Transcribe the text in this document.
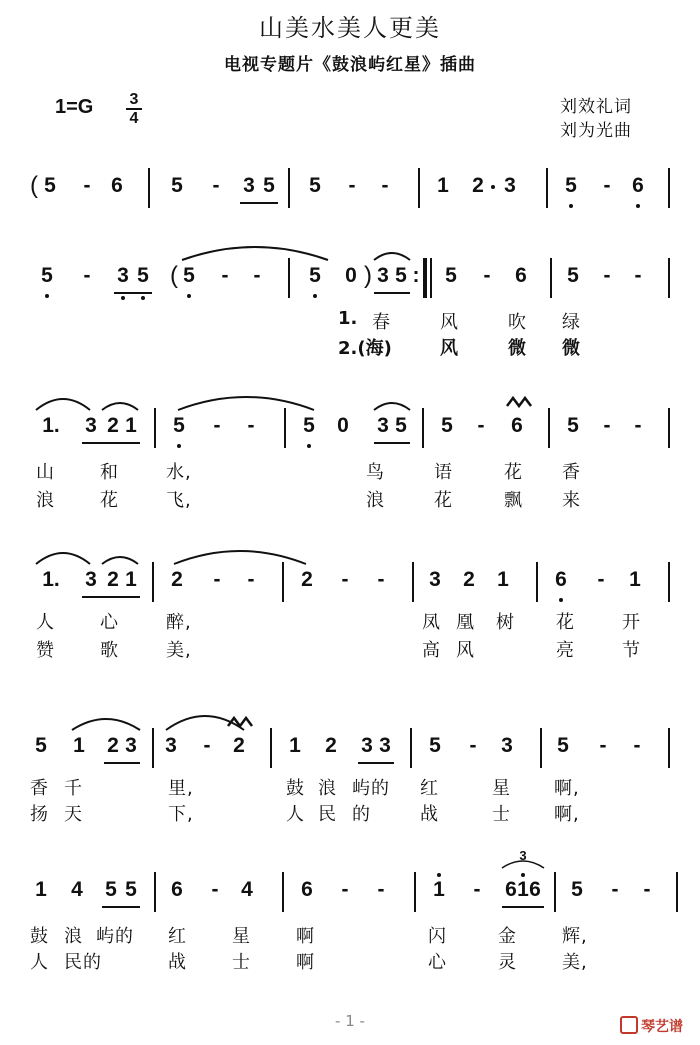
山美水美人更美
电视专题片《鼓浪屿红星》插曲
1=G 3
4
刘效礼词
刘为光曲
( 5	- 6 5	-	3 5 5	-	-	1 2 3 5	-	6
5	-	3 5 ( 5	-	-	5 0 ) 3 5 : 5	-	6 5	-	-
1. 春	风	吹 绿
2.(海)	风	微 微
1. 3 2 1 5	-	-	5 0 3 5 5	-	6 5	-	-
山	和	水,	鸟	语	花 香
浪	花	飞,	浪	花	飘 来
1. 3 2 1 2	-	-	2	-	-	3 2 1 6	-	1
人	心	醉,	凤 凰 树 花	开
赞	歌	美,	高 风	亮	节
5 1 2 3 3	-	2 1 2 3 3 5	-	3 5	-	-
香 千	里,	鼓 浪 屿的 红	星 啊,
扬 天	下,	人 民 的	战	士 啊,
3
1 4 5 5 6	-	4 6	-	-	1	-	6 1 6 5	-	-
鼓 浪 屿的 红	星	啊	闪	金	辉,
人 民的	战	士	啊	心	灵	美,
- 1 -	琴艺谱
